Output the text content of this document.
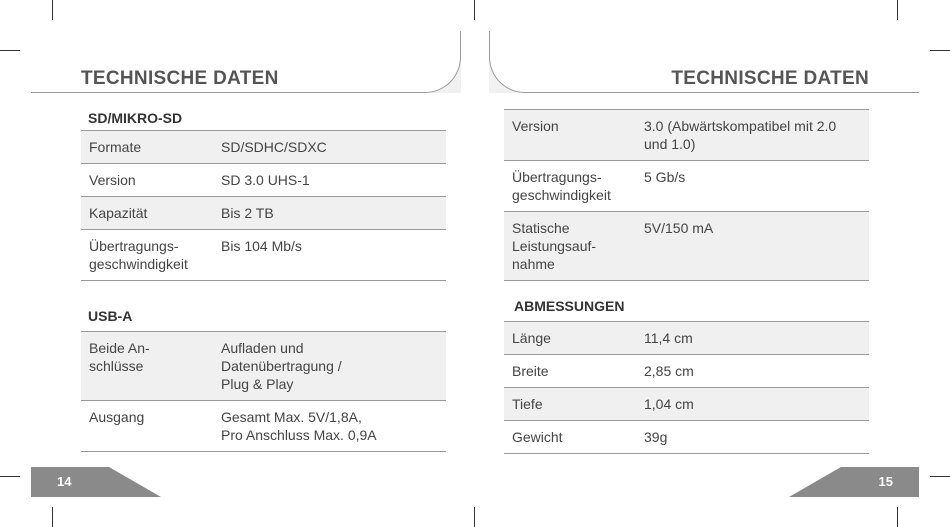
TECHNISCHE DATEN
SD/MIKRO-SD
Formate	SD/SDHC/SDXC

Version	SD 3.0 UHS-1

Kapazität	Bis 2 TB

Übertragungs-
geschwindigkeit	Bis 104 Mb/s
USB-A
Beide An-
schlüsse	Aufladen und
Datenübertragung /
Plug & Play

Ausgang	Gesamt Max. 5V/1,8A,
Pro Anschluss Max. 0,9A
14
TECHNISCHE DATEN
Version	3.0 (Abwärtskompatibel mit 2.0
und 1.0)

Übertragungs-
geschwindigkeit	5 Gb/s

Statische
Leistungsauf-
nahme	5V/150 mA
ABMESSUNGEN
Länge	11,4 cm

Breite	2,85 cm

Tiefe	1,04 cm

Gewicht	39g
15
